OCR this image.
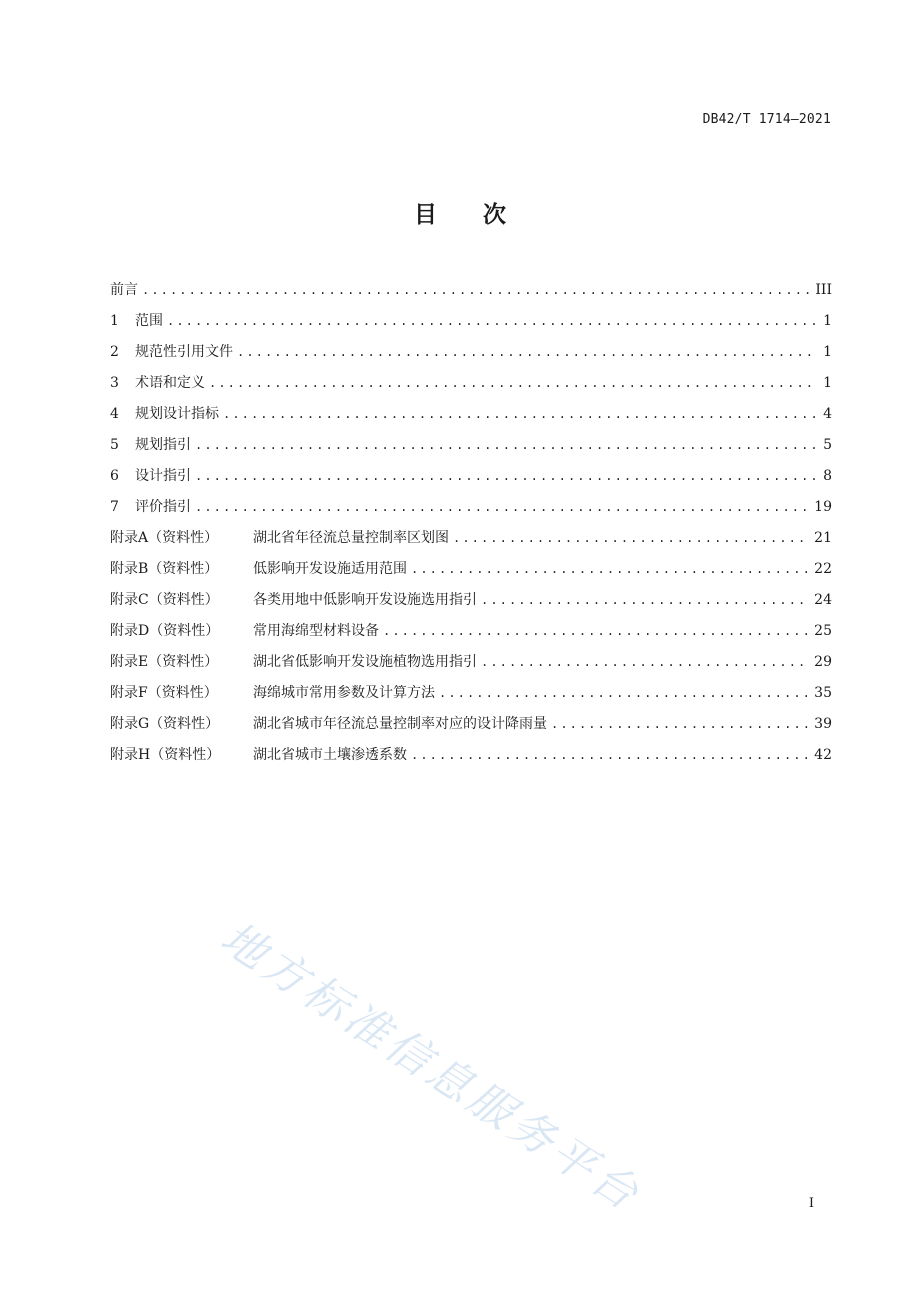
DB42/T 1714—2021
目 次
前言 .....	III
1	范围 .....	1
2	规范性引用文件 .....	1
3	术语和定义 .....	1
4	规划设计指标 .....	4
5	规划指引 .....	5
6	设计指引 .....	8
7	评价指引 .....	19
附录A（资料性）	湖北省年径流总量控制率区划图 .....	21
附录B（资料性）	低影响开发设施适用范围 .....	22
附录C（资料性）	各类用地中低影响开发设施选用指引 .....	24
附录D（资料性）	常用海绵型材料设备 .....	25
附录E（资料性）	湖北省低影响开发设施植物选用指引 .....	29
附录F（资料性）	海绵城市常用参数及计算方法 .....	35
附录G（资料性）	湖北省城市年径流总量控制率对应的设计降雨量 .....	39
附录H（资料性）	湖北省城市土壤渗透系数 .....	42
地方标准信息服务平台	I
